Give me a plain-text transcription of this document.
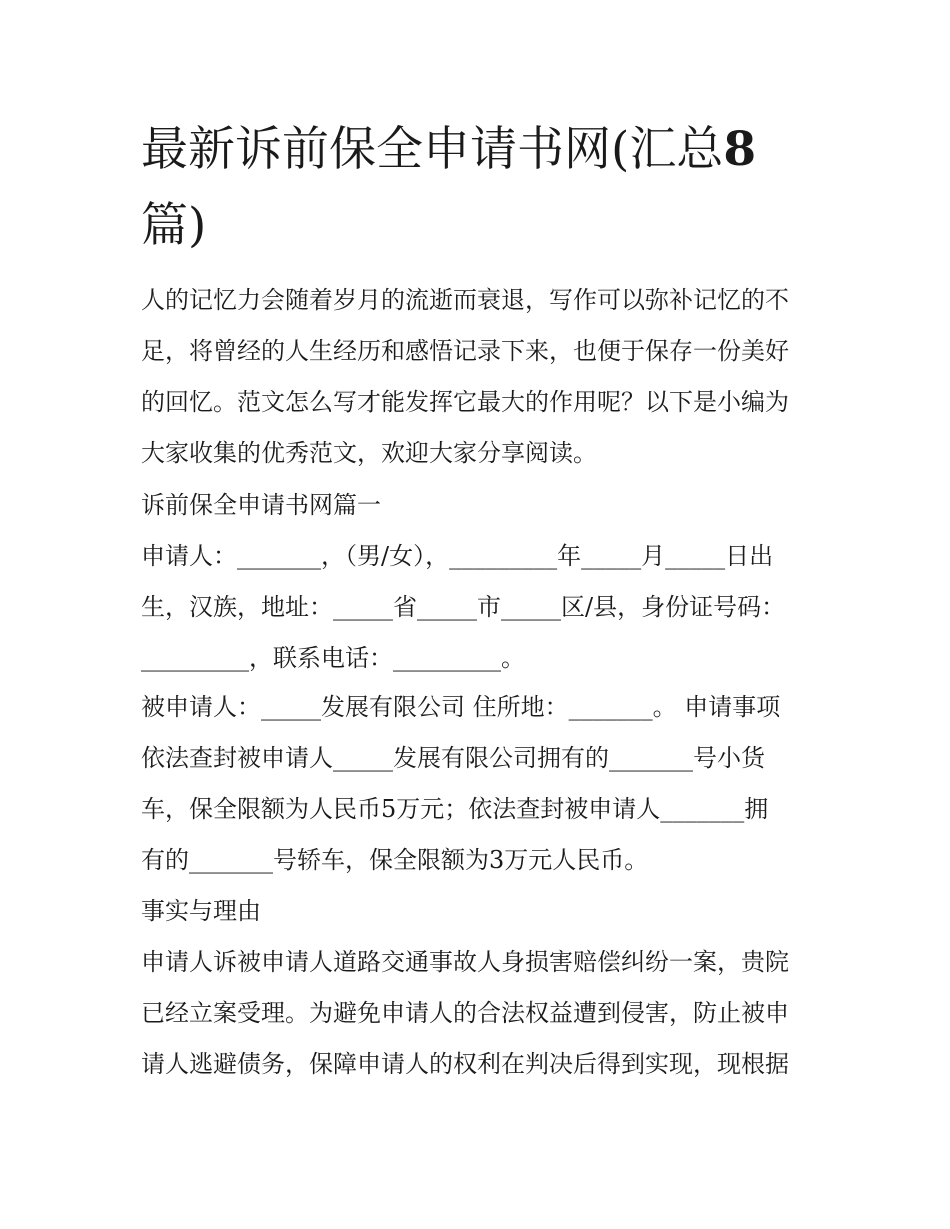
最新诉前保全申请书网(汇总8
篇)

人的记忆力会随着岁月的流逝而衰退，写作可以弥补记忆的不

足，将曾经的人生经历和感悟记录下来，也便于保存一份美好

的回忆。范文怎么写才能发挥它最大的作用呢？以下是小编为

大家收集的优秀范文，欢迎大家分享阅读。

诉前保全申请书网篇一

申请人：_______，（男/女），_________年_____月_____日出

生，汉族，地址：_____省_____市_____区/县，身份证号码：

_________，联系电话：_________。

被申请人：_____发展有限公司 住所地：_______。 申请事项

依法查封被申请人_____发展有限公司拥有的_______号小货

车，保全限额为人民币5万元；依法查封被申请人_______拥

有的_______号轿车，保全限额为3万元人民币。

事实与理由

申请人诉被申请人道路交通事故人身损害赔偿纠纷一案，贵院

已经立案受理。为避免申请人的合法权益遭到侵害，防止被申

请人逃避债务，保障申请人的权利在判决后得到实现，现根据
